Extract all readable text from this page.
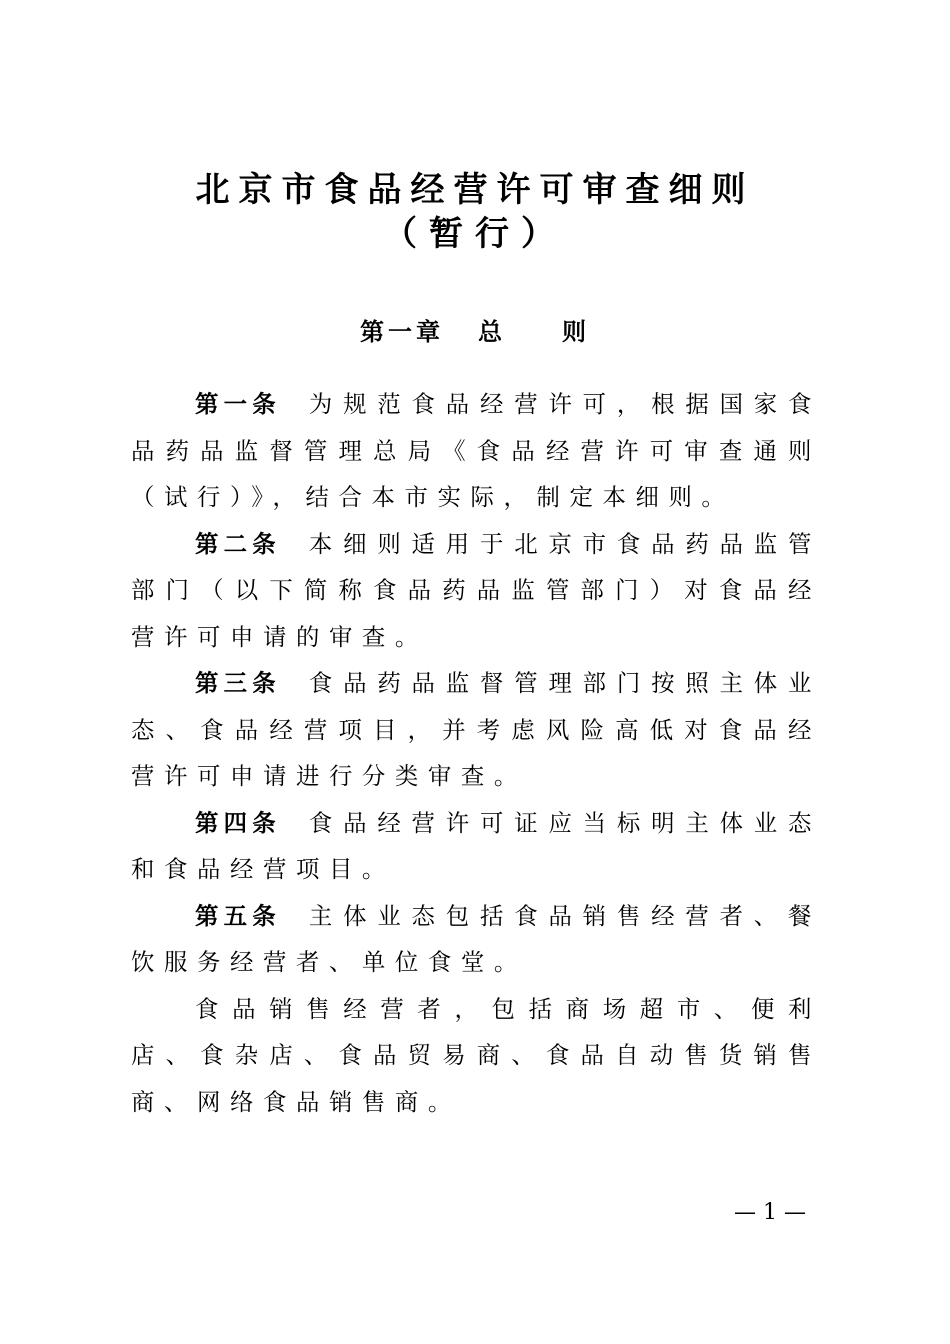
北京市食品经营许可审查细则
（暂行）
第一章 总　　则

第一条 为规范食品经营许可，根据国家食品药品监督管理总局《食品经营许可审查通则（试行）》，结合本市实际，制定本细则。

第二条 本细则适用于北京市食品药品监管部门（以下简称食品药品监管部门）对食品经营许可申请的审查。

第三条 食品药品监督管理部门按照主体业态、食品经营项目，并考虑风险高低对食品经营许可申请进行分类审查。

第四条 食品经营许可证应当标明主体业态和食品经营项目。

第五条 主体业态包括食品销售经营者、餐饮服务经营者、单位食堂。

食品销售经营者，包括商场超市、便利店、食杂店、食品贸易商、食品自动售货销售商、网络食品销售商。

— 1 —
